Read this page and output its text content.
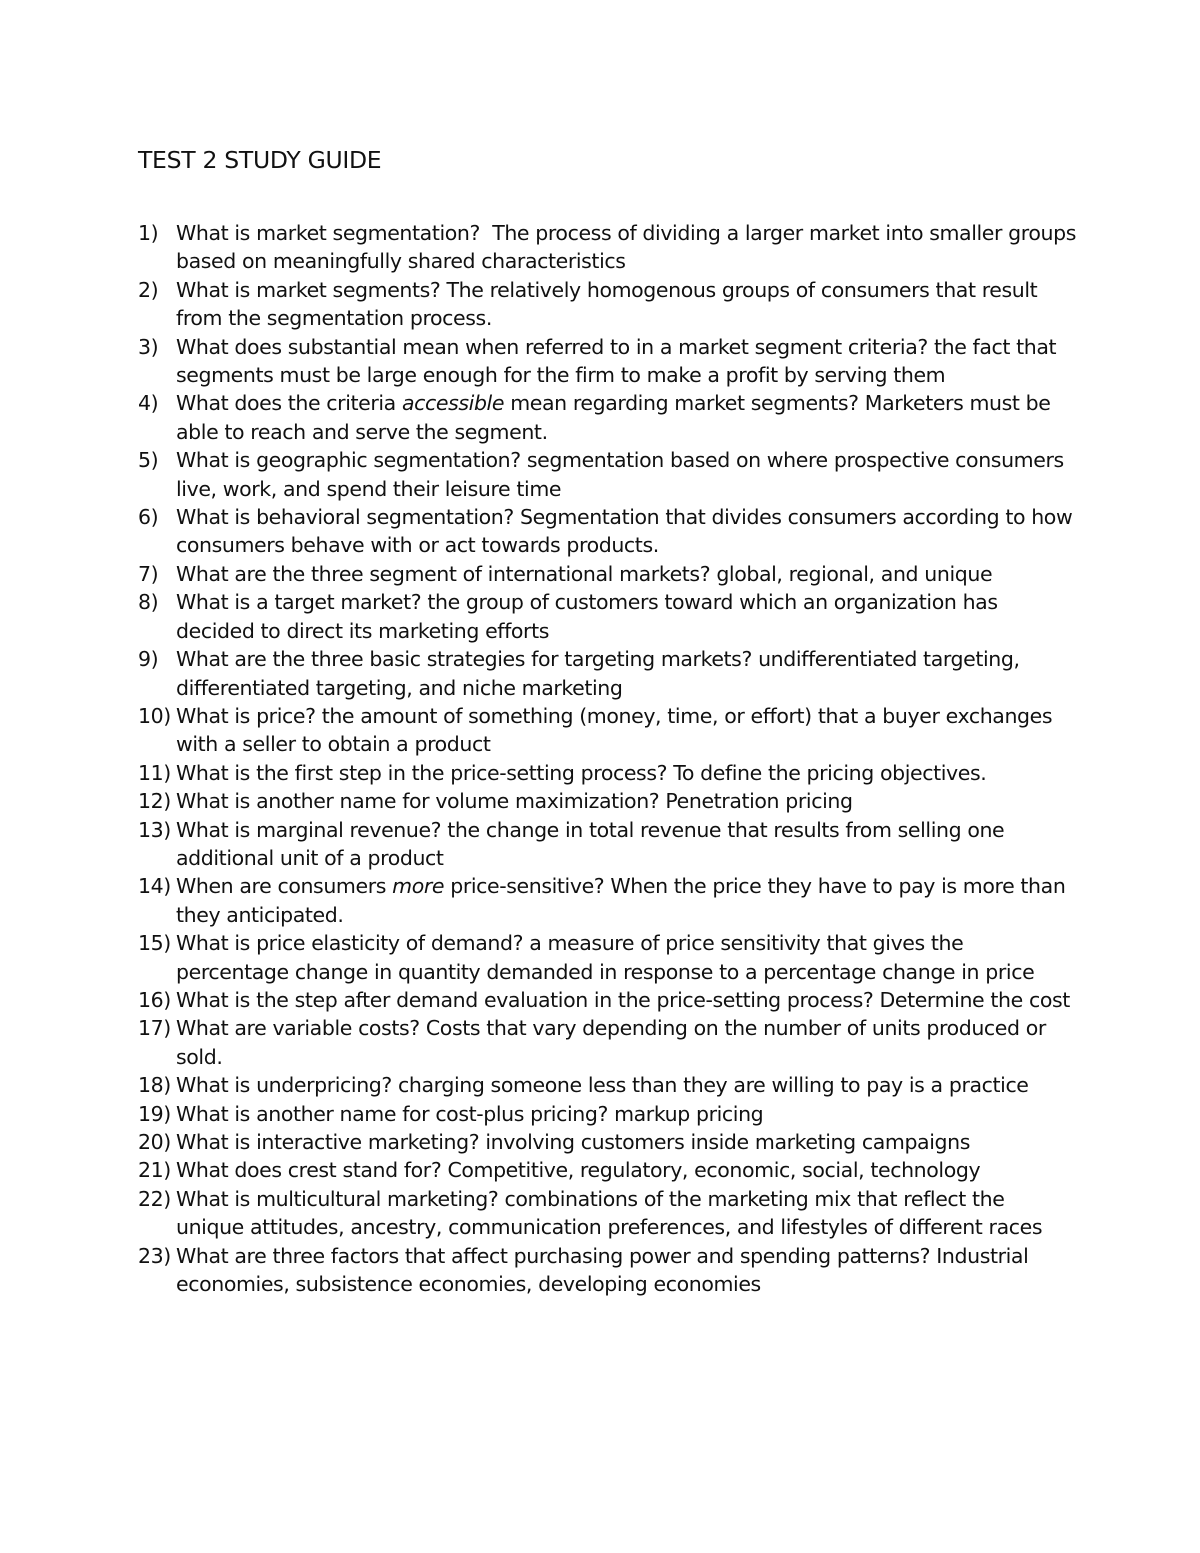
TEST 2 STUDY GUIDE
1) What is market segmentation? The process of dividing a larger market into smaller groups based on meaningfully shared characteristics
2) What is market segments? The relatively homogenous groups of consumers that result from the segmentation process.
3) What does substantial mean when referred to in a market segment criteria? the fact that segments must be large enough for the firm to make a profit by serving them
4) What does the criteria accessible mean regarding market segments? Marketers must be able to reach and serve the segment.
5) What is geographic segmentation? segmentation based on where prospective consumers live, work, and spend their leisure time
6) What is behavioral segmentation? Segmentation that divides consumers according to how consumers behave with or act towards products.
7) What are the three segment of international markets? global, regional, and unique
8) What is a target market? the group of customers toward which an organization has decided to direct its marketing efforts
9) What are the three basic strategies for targeting markets? undifferentiated targeting, differentiated targeting, and niche marketing
10) What is price? the amount of something (money, time, or effort) that a buyer exchanges with a seller to obtain a product
11) What is the first step in the price-setting process? To define the pricing objectives.
12) What is another name for volume maximization? Penetration pricing
13) What is marginal revenue? the change in total revenue that results from selling one additional unit of a product
14) When are consumers more price-sensitive? When the price they have to pay is more than they anticipated.
15) What is price elasticity of demand? a measure of price sensitivity that gives the percentage change in quantity demanded in response to a percentage change in price
16) What is the step after demand evaluation in the price-setting process? Determine the cost
17) What are variable costs? Costs that vary depending on the number of units produced or sold.
18) What is underpricing? charging someone less than they are willing to pay is a practice
19) What is another name for cost-plus pricing? markup pricing
20) What is interactive marketing? involving customers inside marketing campaigns
21) What does crest stand for? Competitive, regulatory, economic, social, technology
22) What is multicultural marketing? combinations of the marketing mix that reflect the unique attitudes, ancestry, communication preferences, and lifestyles of different races
23) What are three factors that affect purchasing power and spending patterns? Industrial economies, subsistence economies, developing economies
